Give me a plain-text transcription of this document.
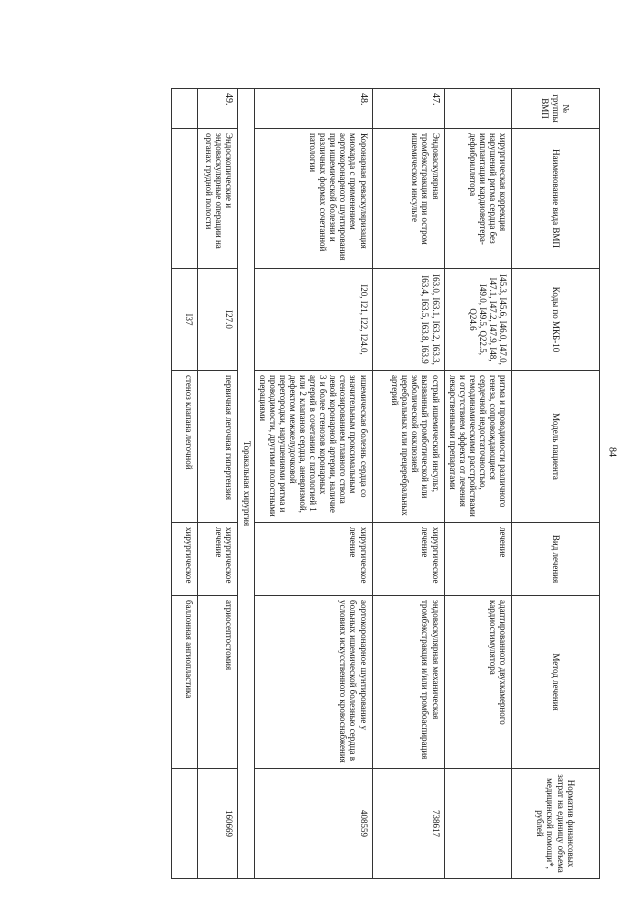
84
№ группы ВМП	Наименование вида ВМП	Коды по МКБ-10	Модель пациента	Вид лечения	Метод лечения	Норматив финансовых затрат на единицу объема медицинской помощи*, рублей
	хирургическая коррекция нарушений ритма сердца без имплантации кардиовертера-дефибриллятора	I45.3, I45.6, I46.0, I47.0, I47.1, I47.2, I47.9, I48, I49.0, I49.5, Q22.5, Q24.6	ритма и проводимости различного генеза, сопровождающиеся сердечной недостаточностью, гемодинамическими расстройствами и отсутствием эффекта от лечения лекарственными препаратами	лечение	адаптированного двухкамерного кардиостимулятора	
47.	Эндоваскулярная тромбэкстракция при остром ишемическом инсульте	I63.0, I63.1, I63.2, I63.3, I63.4, I63.5, I63.8, I63.9	острый ишемический инсульт, вызванный тромботической или эмболической окклюзией церебральных или прецеребральных артерий	хирургическое лечение	эндоваскулярная механическая тромбэкстракция и/или тромбоаспирация	738617
48.	Коронарная реваскуляризация миокарда с применением аортокоронарного шунтирования при ишемической болезни и различных формах сочетанной патологии	I20, I21, I22, I24.0,	ишемическая болезнь сердца со значительным проксимальным стенозированием главного ствола левой коронарной артерии, наличие 3 и более стенозов коронарных артерий в сочетании с патологией 1 или 2 клапанов сердца, аневризмой, дефектом межжелудочковой перегородки, нарушениями ритма и проводимости, другими полостными операциями	хирургическое лечение	аортокоронарное шунтирование у больных ишемической болезнью сердца в условиях искусственного кровоснабжения	408559
Торакальная хирургия						
49.	Эндоскопические и эндоваскулярные операции на органах грудной полости	I27.0	первичная легочная гипертензия	хирургическое лечение	атриосептостомия	160669
		I37	стеноз клапана легочной	хирургическое	баллонная ангиопластика	
